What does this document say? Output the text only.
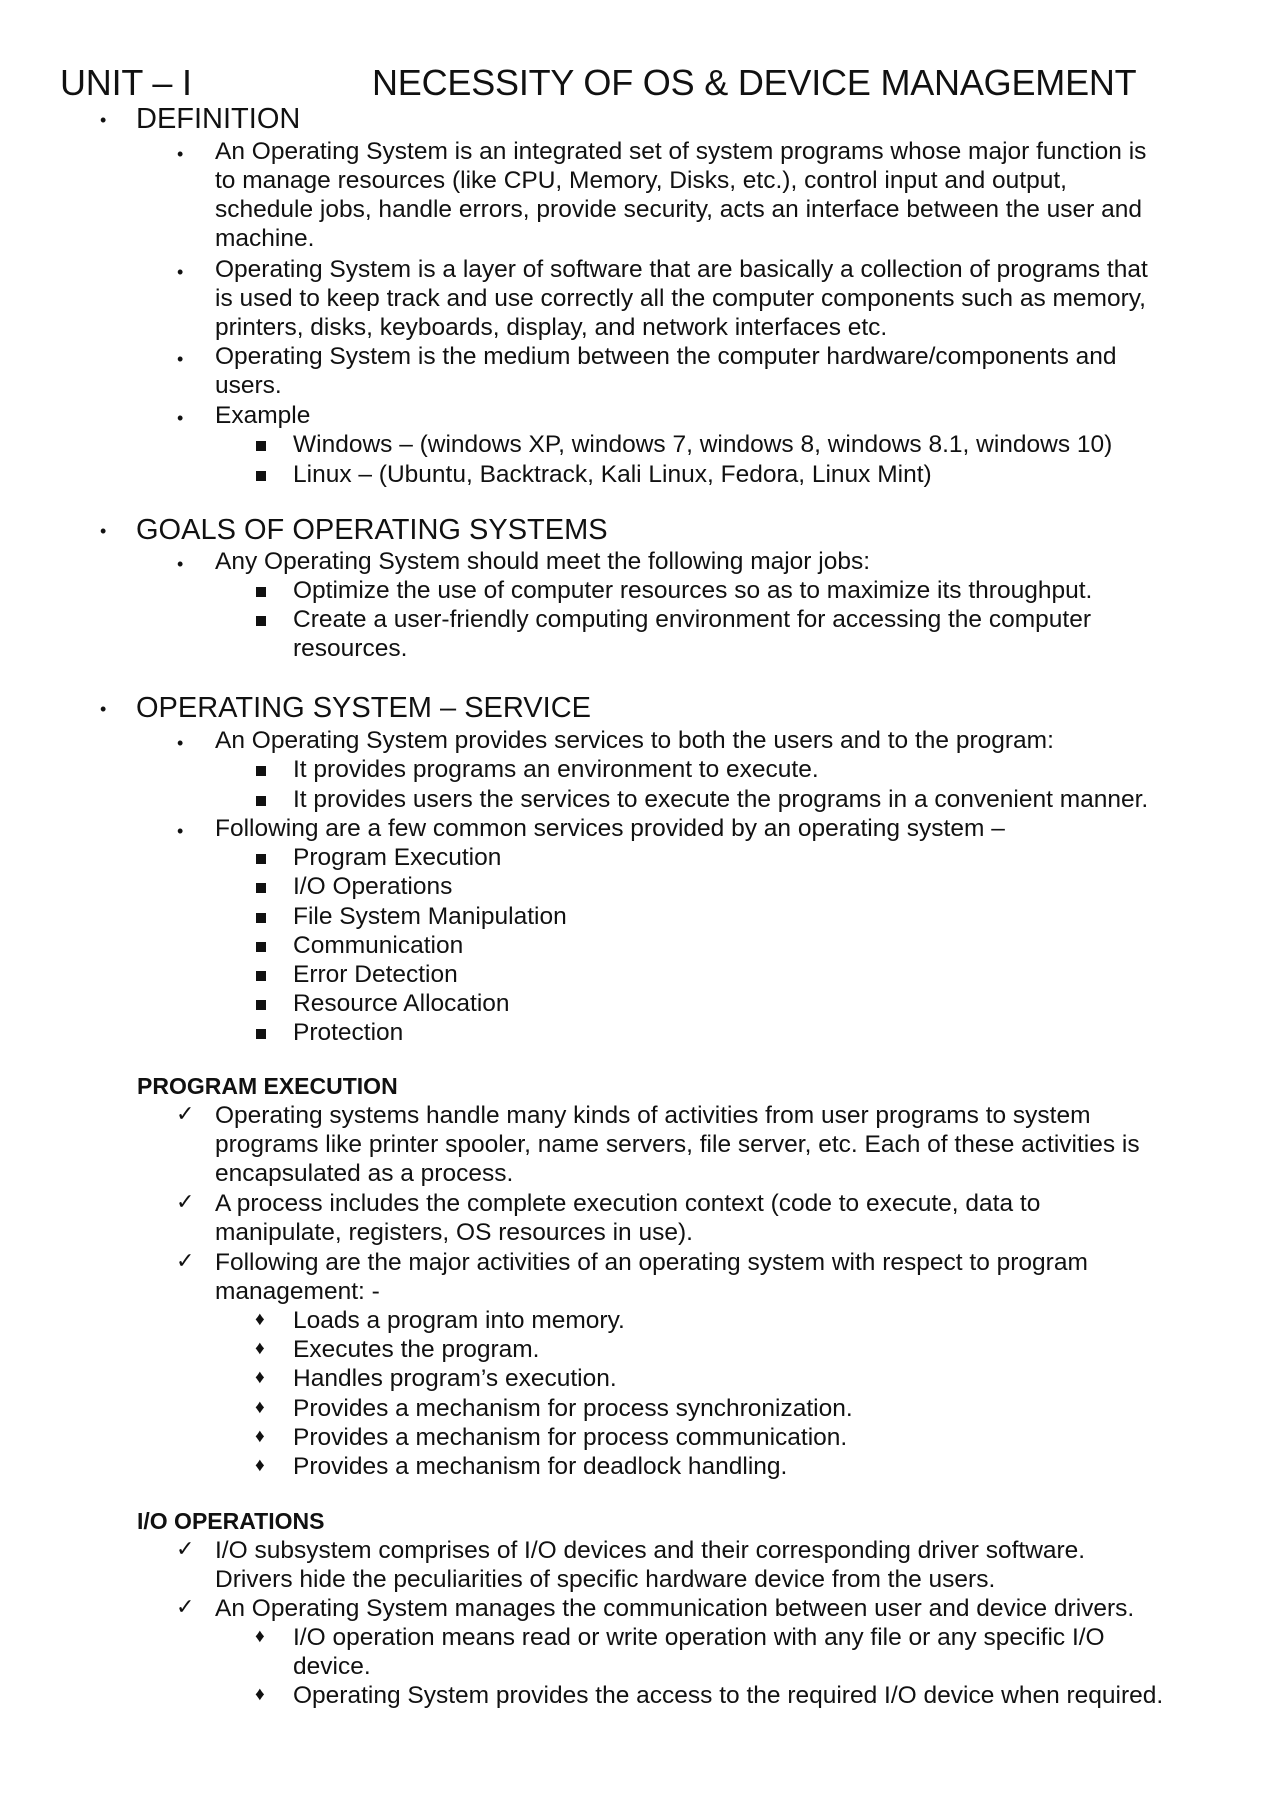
UNIT – I	NECESSITY OF OS & DEVICE MANAGEMENT
• DEFINITION
• An Operating System is an integrated set of system programs whose major function is
to manage resources (like CPU, Memory, Disks, etc.), control input and output,
schedule jobs, handle errors, provide security, acts an interface between the user and
machine.
• Operating System is a layer of software that are basically a collection of programs that
is used to keep track and use correctly all the computer components such as memory,
printers, disks, keyboards, display, and network interfaces etc.
• Operating System is the medium between the computer hardware/components and
users.
• Example
Windows – (windows XP, windows 7, windows 8, windows 8.1, windows 10)
Linux – (Ubuntu, Backtrack, Kali Linux, Fedora, Linux Mint)
• GOALS OF OPERATING SYSTEMS
• Any Operating System should meet the following major jobs:
Optimize the use of computer resources so as to maximize its throughput.
Create a user-friendly computing environment for accessing the computer
resources.
• OPERATING SYSTEM – SERVICE
• An Operating System provides services to both the users and to the program:
It provides programs an environment to execute.
It provides users the services to execute the programs in a convenient manner.
• Following are a few common services provided by an operating system –
Program Execution
I/O Operations
File System Manipulation
Communication
Error Detection
Resource Allocation
Protection
PROGRAM EXECUTION
✓ Operating systems handle many kinds of activities from user programs to system
programs like printer spooler, name servers, file server, etc. Each of these activities is
encapsulated as a process.
✓ A process includes the complete execution context (code to execute, data to
manipulate, registers, OS resources in use).
✓ Following are the major activities of an operating system with respect to program
management: -
♦ Loads a program into memory.
♦ Executes the program.
♦ Handles program’s execution.
♦ Provides a mechanism for process synchronization.
♦ Provides a mechanism for process communication.
♦ Provides a mechanism for deadlock handling.
I/O OPERATIONS
✓ I/O subsystem comprises of I/O devices and their corresponding driver software.
Drivers hide the peculiarities of specific hardware device from the users.
✓ An Operating System manages the communication between user and device drivers.
♦ I/O operation means read or write operation with any file or any specific I/O
device.
♦ Operating System provides the access to the required I/O device when required.
